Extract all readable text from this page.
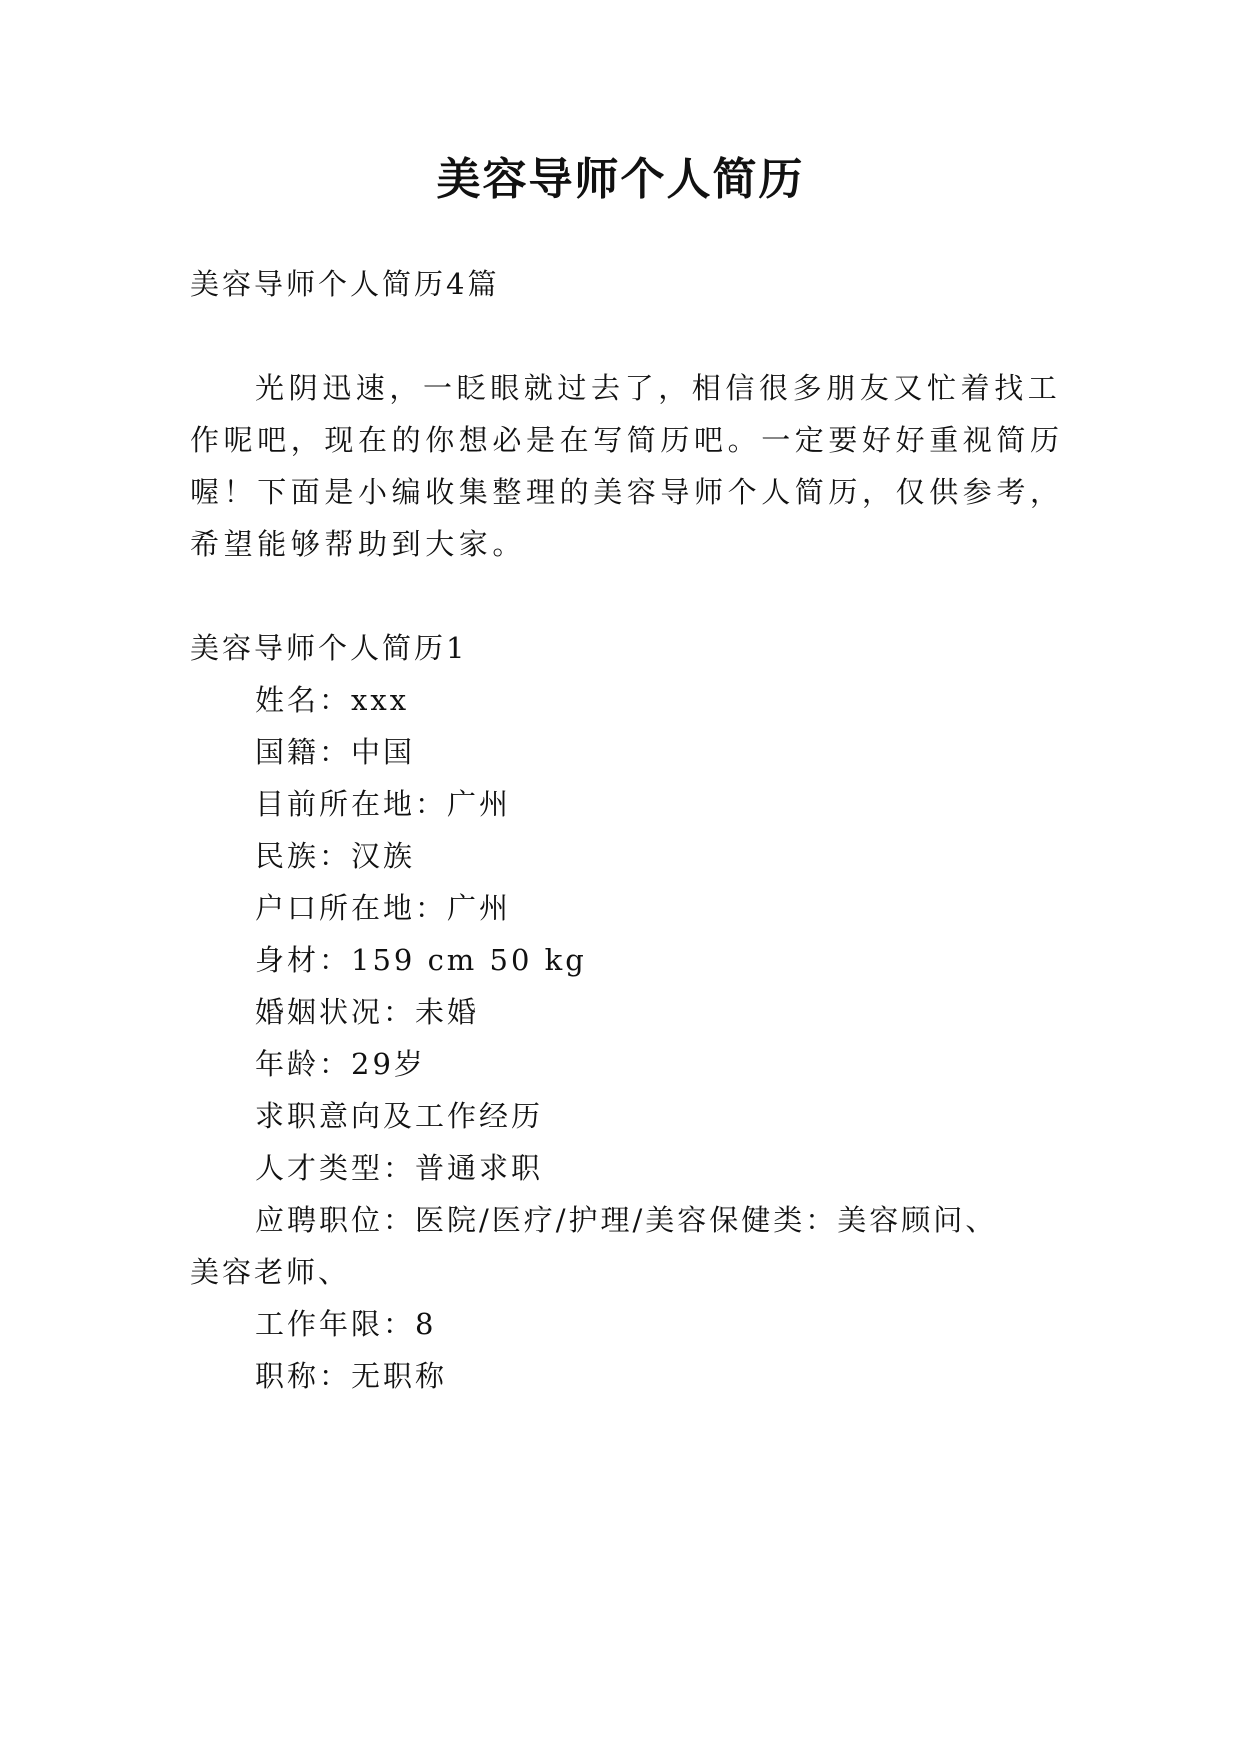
美容导师个人简历
美容导师个人简历4篇
光阴迅速，一眨眼就过去了，相信很多朋友又忙着找工
作呢吧，现在的你想必是在写简历吧。一定要好好重视简历
喔！下面是小编收集整理的美容导师个人简历，仅供参考，
希望能够帮助到大家。
美容导师个人简历1
姓名：xxx
国籍：中国
目前所在地：广州
民族：汉族
户口所在地：广州
身材：159 cm 50 kg
婚姻状况：未婚
年龄：29岁
求职意向及工作经历
人才类型：普通求职
应聘职位：医院/医疗/护理/美容保健类：美容顾问、
美容老师、
工作年限：8
职称：无职称
